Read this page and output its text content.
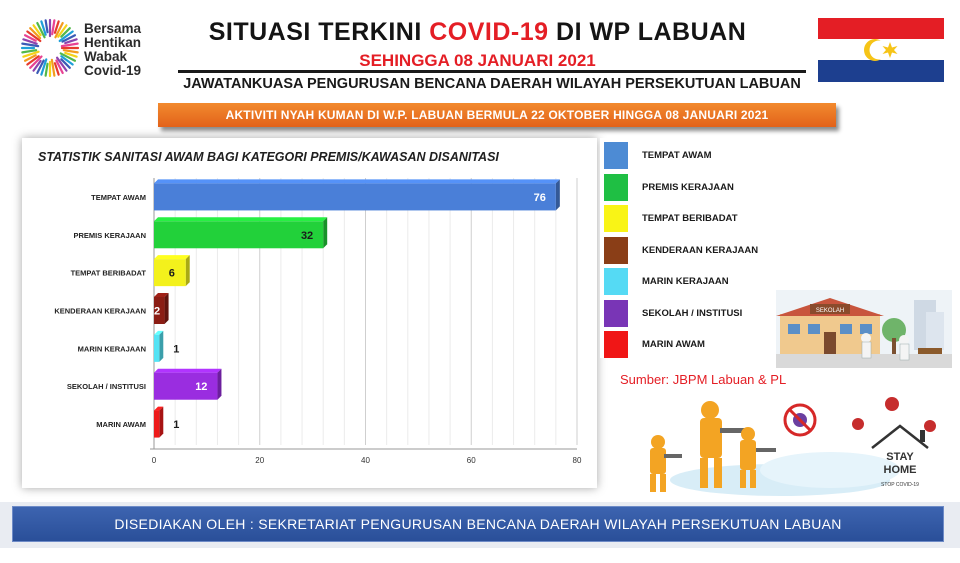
Bersama
Hentikan
Wabak
Covid-19
SITUASI TERKINI COVID-19 DI WP LABUAN
SEHINGGA 08 JANUARI 2021
JAWATANKUASA PENGURUSAN BENCANA DAERAH WILAYAH PERSEKUTUAN LABUAN
AKTIVITI NYAH KUMAN DI W.P. LABUAN BERMULA 22 OKTOBER HINGGA 08 JANUARI 2021
STATISTIK SANITASI AWAM BAGI KATEGORI PREMIS/KAWASAN DISANITASI
TEMPAT AWAM	76
PREMIS KERAJAAN	32
TEMPAT BERIBADAT 6
KENDERAAN KERAJAAN 2
MARIN KERAJAAN 1
SEKOLAH / INSTITUSI	12
MARIN AWAM 1
0	20	40	60	80
TEMPAT AWAM
PREMIS KERAJAAN
TEMPAT BERIBADAT
KENDERAAN KERAJAAN
MARIN KERAJAAN
SEKOLAH / INSTITUSI
MARIN AWAM
Sumber: JBPM Labuan & PL
SEKOLAH
STAY
HOME
STOP COVID-19
DISEDIAKAN OLEH : SEKRETARIAT PENGURUSAN BENCANA DAERAH WILAYAH PERSEKUTUAN LABUAN
